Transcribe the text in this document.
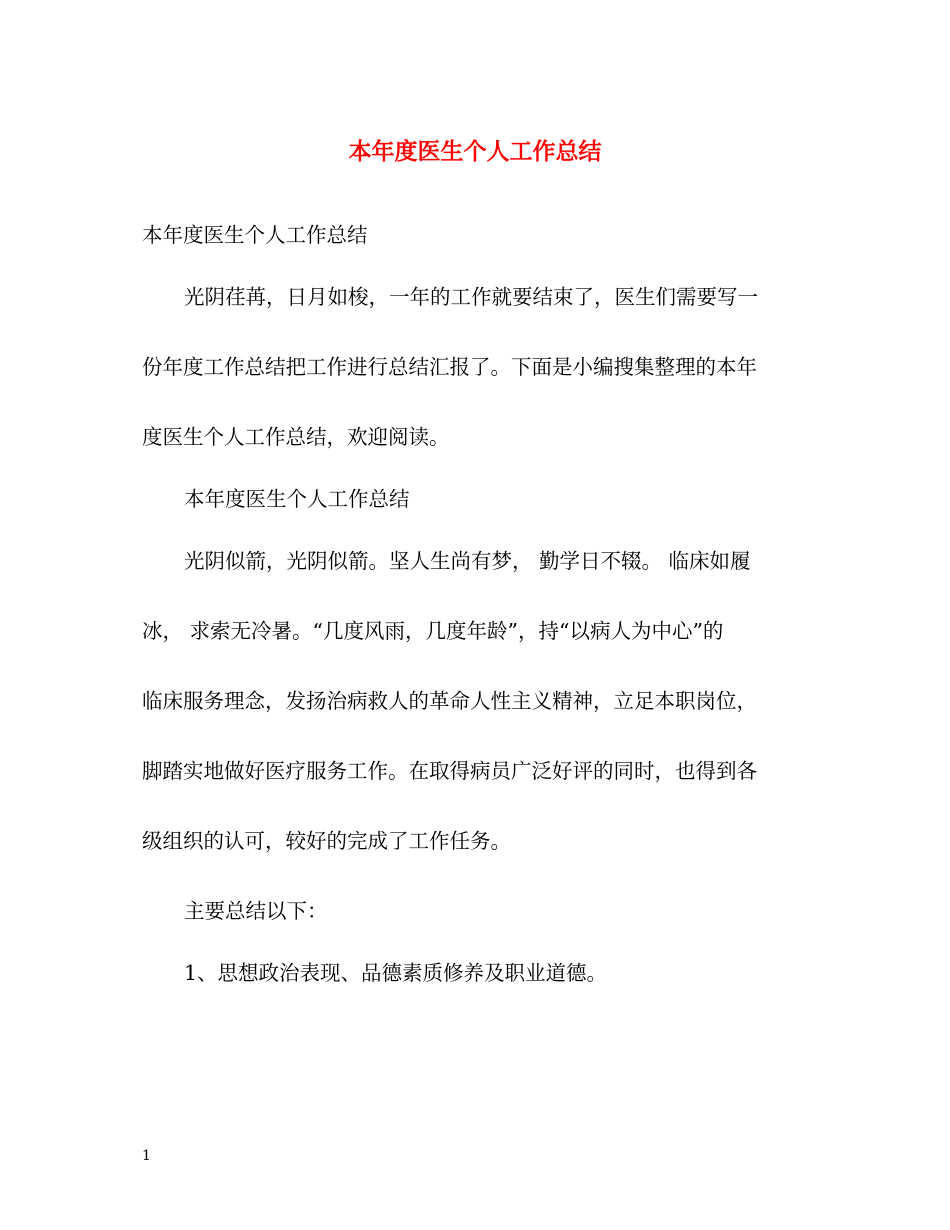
本年度医生个人工作总结

本年度医生个人工作总结

光阴荏苒，日月如梭，一年的工作就要结束了，医生们需要写一

份年度工作总结把工作进行总结汇报了。下面是小编搜集整理的本年

度医生个人工作总结，欢迎阅读。

本年度医生个人工作总结

光阴似箭，光阴似箭。坚人生尚有梦， 勤学日不辍。 临床如履

冰， 求索无冷暑。“几度风雨，几度年龄”，持“以病人为中心”的

临床服务理念，发扬治病救人的革命人性主义精神，立足本职岗位，

脚踏实地做好医疗服务工作。在取得病员广泛好评的同时，也得到各

级组织的认可，较好的完成了工作任务。

主要总结以下：

1、思想政治表现、品德素质修养及职业道德。

1
